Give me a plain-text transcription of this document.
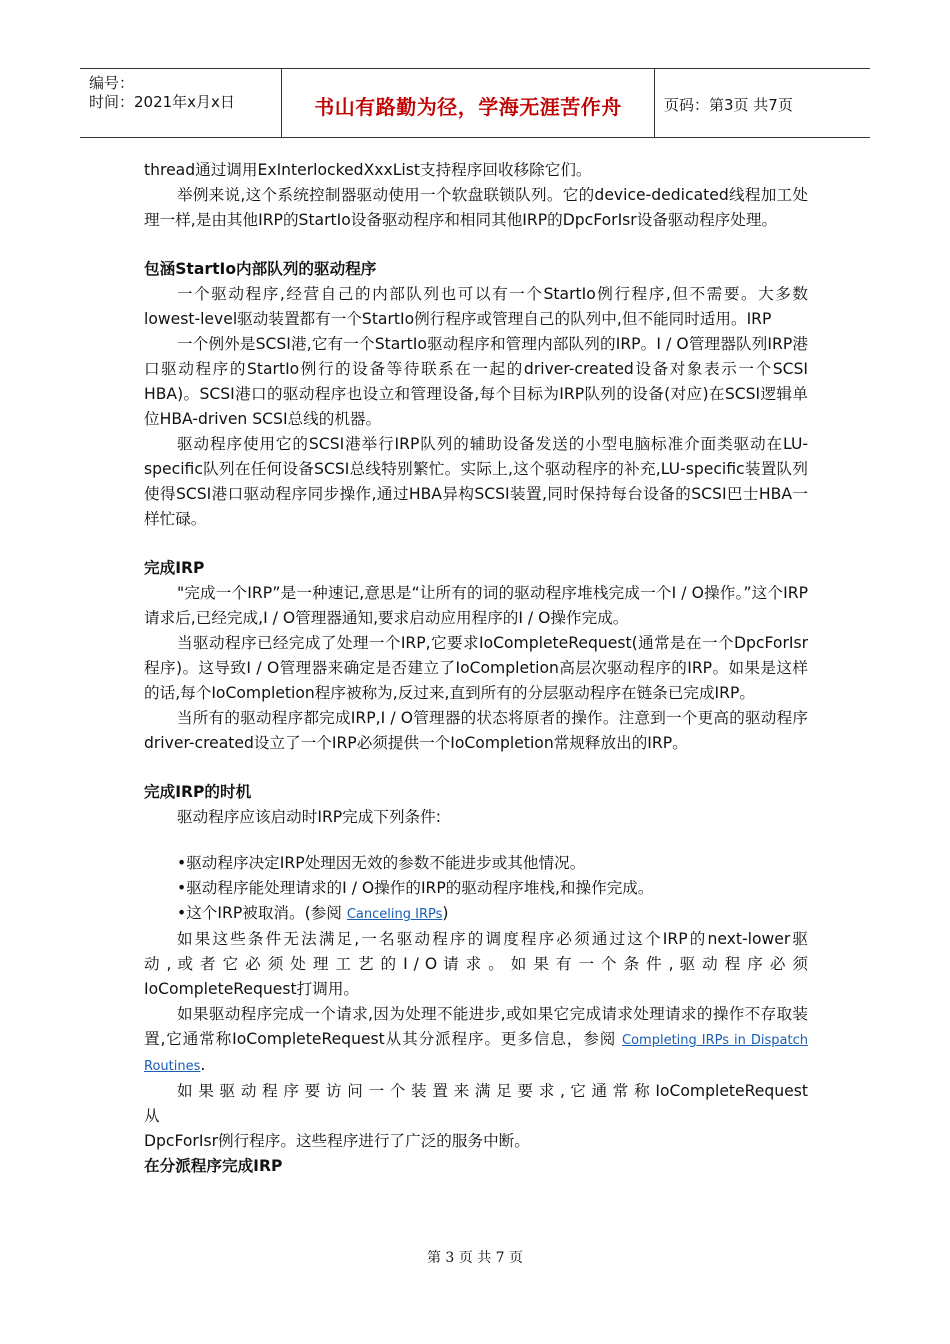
编号：
时间：2021年x月x日	书山有路勤为径，学海无涯苦作舟	页码：第3页 共7页

thread通过调用ExInterlockedXxxList支持程序回收移除它们。

举例来说,这个系统控制器驱动使用一个软盘联锁队列。它的device-dedicated线程加工处理一样,是由其他IRP的StartIo设备驱动程序和相同其他IRP的DpcForIsr设备驱动程序处理。

包涵StartIo内部队列的驱动程序

一个驱动程序,经营自己的内部队列也可以有一个StartIo例行程序,但不需要。大多数lowest-level驱动装置都有一个StartIo例行程序或管理自己的队列中,但不能同时适用。IRP

一个例外是SCSI港,它有一个StartIo驱动程序和管理内部队列的IRP。I / O管理器队列IRP港口驱动程序的StartIo例行的设备等待联系在一起的driver-created设备对象表示一个SCSI HBA)。SCSI港口的驱动程序也设立和管理设备,每个目标为IRP队列的设备(对应)在SCSI逻辑单位HBA-driven SCSI总线的机器。

驱动程序使用它的SCSI港举行IRP队列的辅助设备发送的小型电脑标准介面类驱动在LU-specific队列在任何设备SCSI总线特别繁忙。实际上,这个驱动程序的补充,LU-specific装置队列使得SCSI港口驱动程序同步操作,通过HBA异构SCSI装置,同时保持每台设备的SCSI巴士HBA一样忙碌。

完成IRP

"完成一个IRP”是一种速记,意思是“让所有的词的驱动程序堆栈完成一个I / O操作。”这个IRP请求后,已经完成,I / O管理器通知,要求启动应用程序的I / O操作完成。

当驱动程序已经完成了处理一个IRP,它要求IoCompleteRequest(通常是在一个DpcForIsr程序)。这导致I / O管理器来确定是否建立了IoCompletion高层次驱动程序的IRP。如果是这样的话,每个IoCompletion程序被称为,反过来,直到所有的分层驱动程序在链条已完成IRP。

当所有的驱动程序都完成IRP,I / O管理器的状态将原者的操作。注意到一个更高的驱动程序driver-created设立了一个IRP必须提供一个IoCompletion常规释放出的IRP。

完成IRP的时机

驱动程序应该启动时IRP完成下列条件:

•驱动程序决定IRP处理因无效的参数不能进步或其他情况。

•驱动程序能处理请求的I / O操作的IRP的驱动程序堆栈,和操作完成。

•这个IRP被取消。(参阅 Canceling IRPs)

如果这些条件无法满足,一名驱动程序的调度程序必须通过这个IRP的next-lower驱

动 , 或 者 它 必 须 处 理 工 艺 的 I / O 请 求 。 如 果 有 一 个 条 件 , 驱 动 程 序 必 须

IoCompleteRequest打调用。

如果驱动程序完成一个请求,因为处理不能进步,或如果它完成请求处理请求的操作不存取装置,它通常称IoCompleteRequest从其分派程序。更多信息，参阅 Completing IRPs in Dispatch Routines.

如 果 驱 动 程 序 要 访 问 一 个 装 置 来 满 足 要 求 , 它 通 常 称 IoCompleteRequest 从

DpcForIsr例行程序。这些程序进行了广泛的服务中断。

在分派程序完成IRP

第 3 页 共 7 页
